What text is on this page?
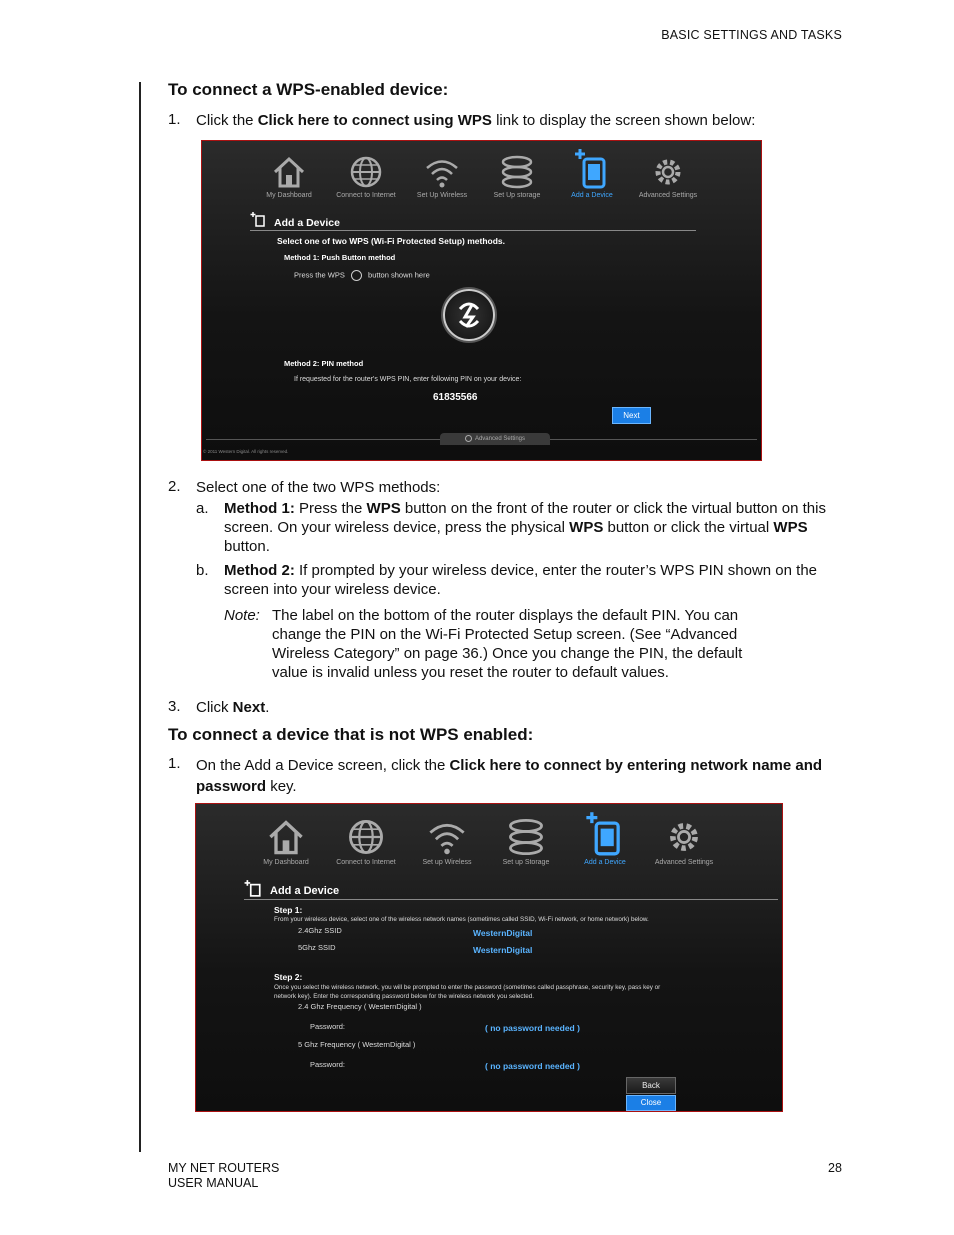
BASIC SETTINGS AND TASKS
To connect a WPS-enabled device:
1. Click the Click here to connect using WPS link to display the screen shown below:
My Dashboard	Connect to Internet	Set Up Wireless	Set Up storage	Add a Device	Advanced Settings
Add a Device
Select one of two WPS (Wi-Fi Protected Setup) methods.
Method 1: Push Button method
Press the WPS	button shown here
Method 2: PIN method
If requested for the router's WPS PIN, enter following PIN on your device:
61835566
Next
Advanced Settings
© 2011 Western Digital. All rights reserved.
2. Select one of the two WPS methods:
a. Method 1: Press the WPS button on the front of the router or click the virtual button on this screen. On your wireless device, press the physical WPS button or click the virtual WPS button.
b. Method 2: If prompted by your wireless device, enter the router’s WPS PIN shown on the screen into your wireless device.
Note: The label on the bottom of the router displays the default PIN. You can change the PIN on the Wi-Fi Protected Setup screen. (See “Advanced Wireless Category” on page 36.) Once you change the PIN, the default value is invalid unless you reset the router to default values.
3. Click Next.
To connect a device that is not WPS enabled:
1. On the Add a Device screen, click the Click here to connect by entering network name and password key.
My Dashboard	Connect to Internet	Set up Wireless	Set up Storage	Add a Device	Advanced Settings
Add a Device
Step 1:
From your wireless device, select one of the wireless network names (sometimes called SSID, Wi-Fi network, or home network) below.
2.4Ghz SSID	WesternDigital
5Ghz SSID	WesternDigital
Step 2:
Once you select the wireless network, you will be prompted to enter the password (sometimes called passphrase, security key, pass key or
network key). Enter the corresponding password below for the wireless network you selected.
2.4 Ghz Frequency ( WesternDigital )
Password:	( no password needed )
5 Ghz Frequency ( WesternDigital )
Password:	( no password needed )
Back
Close
MY NET ROUTERS
USER MANUAL
28
